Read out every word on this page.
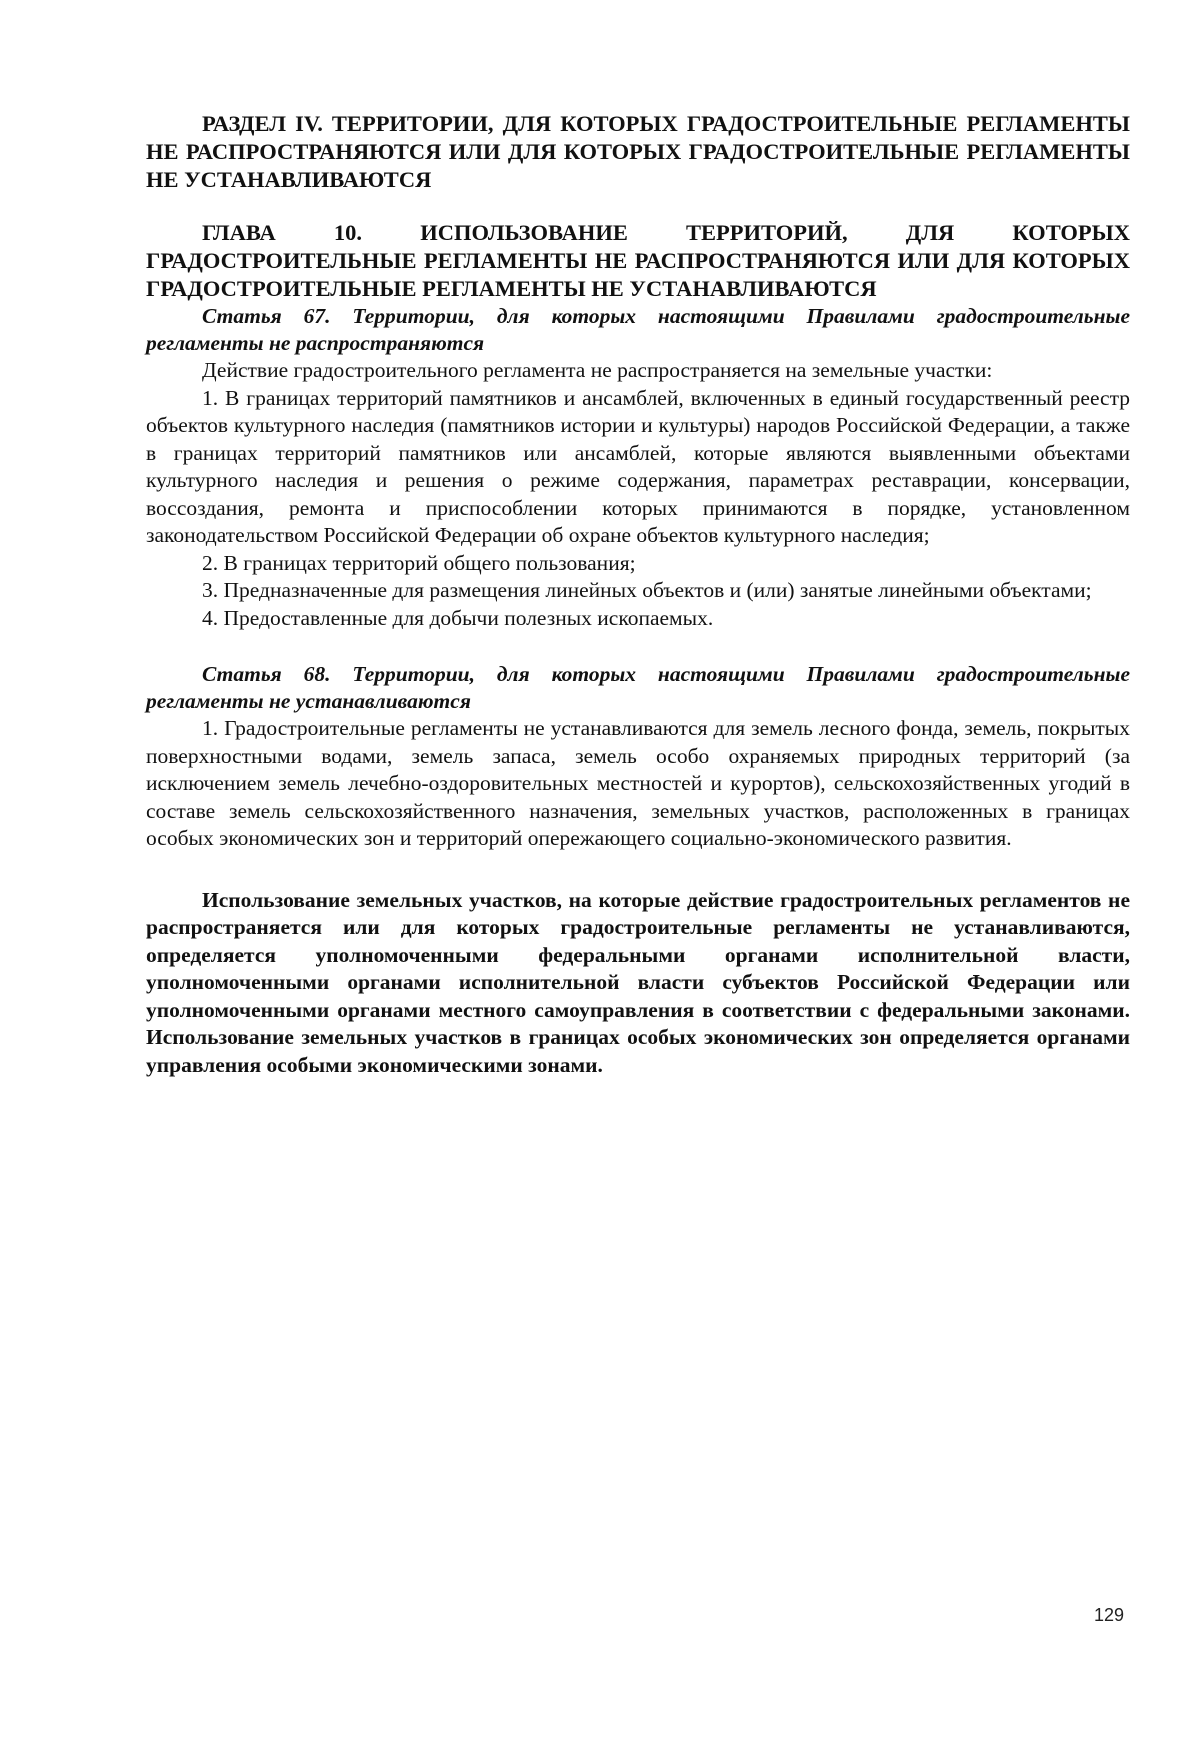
РАЗДЕЛ IV. ТЕРРИТОРИИ, ДЛЯ КОТОРЫХ ГРАДОСТРОИТЕЛЬНЫЕ РЕГЛАМЕНТЫ НЕ РАСПРОСТРАНЯЮТСЯ ИЛИ ДЛЯ КОТОРЫХ ГРАДОСТРОИТЕЛЬНЫЕ РЕГЛАМЕНТЫ НЕ УСТАНАВЛИВАЮТСЯ

ГЛАВА 10. ИСПОЛЬЗОВАНИЕ ТЕРРИТОРИЙ, ДЛЯ КОТОРЫХ ГРАДОСТРОИТЕЛЬНЫЕ РЕГЛАМЕНТЫ НЕ РАСПРОСТРАНЯЮТСЯ ИЛИ ДЛЯ КОТОРЫХ ГРАДОСТРОИТЕЛЬНЫЕ РЕГЛАМЕНТЫ НЕ УСТАНАВЛИВАЮТСЯ

Статья 67. Территории, для которых настоящими Правилами градостроительные регламенты не распространяются

Действие градостроительного регламента не распространяется на земельные участки:

1. В границах территорий памятников и ансамблей, включенных в единый государственный реестр объектов культурного наследия (памятников истории и культуры) народов Российской Федерации, а также в границах территорий памятников или ансамблей, которые являются выявленными объектами культурного наследия и решения о режиме содержания, параметрах реставрации, консервации, воссоздания, ремонта и приспособлении которых принимаются в порядке, установленном законодательством Российской Федерации об охране объектов культурного наследия;

2. В границах территорий общего пользования;

3. Предназначенные для размещения линейных объектов и (или) занятые линейными объектами;

4. Предоставленные для добычи полезных ископаемых.

Статья 68. Территории, для которых настоящими Правилами градостроительные регламенты не устанавливаются

1. Градостроительные регламенты не устанавливаются для земель лесного фонда, земель, покрытых поверхностными водами, земель запаса, земель особо охраняемых природных территорий (за исключением земель лечебно-оздоровительных местностей и курортов), сельскохозяйственных угодий в составе земель сельскохозяйственного назначения, земельных участков, расположенных в границах особых экономических зон и территорий опережающего социально-экономического развития.

Использование земельных участков, на которые действие градостроительных регламентов не распространяется или для которых градостроительные регламенты не устанавливаются, определяется уполномоченными федеральными органами исполнительной власти, уполномоченными органами исполнительной власти субъектов Российской Федерации или уполномоченными органами местного самоуправления в соответствии с федеральными законами. Использование земельных участков в границах особых экономических зон определяется органами управления особыми экономическими зонами.

129
